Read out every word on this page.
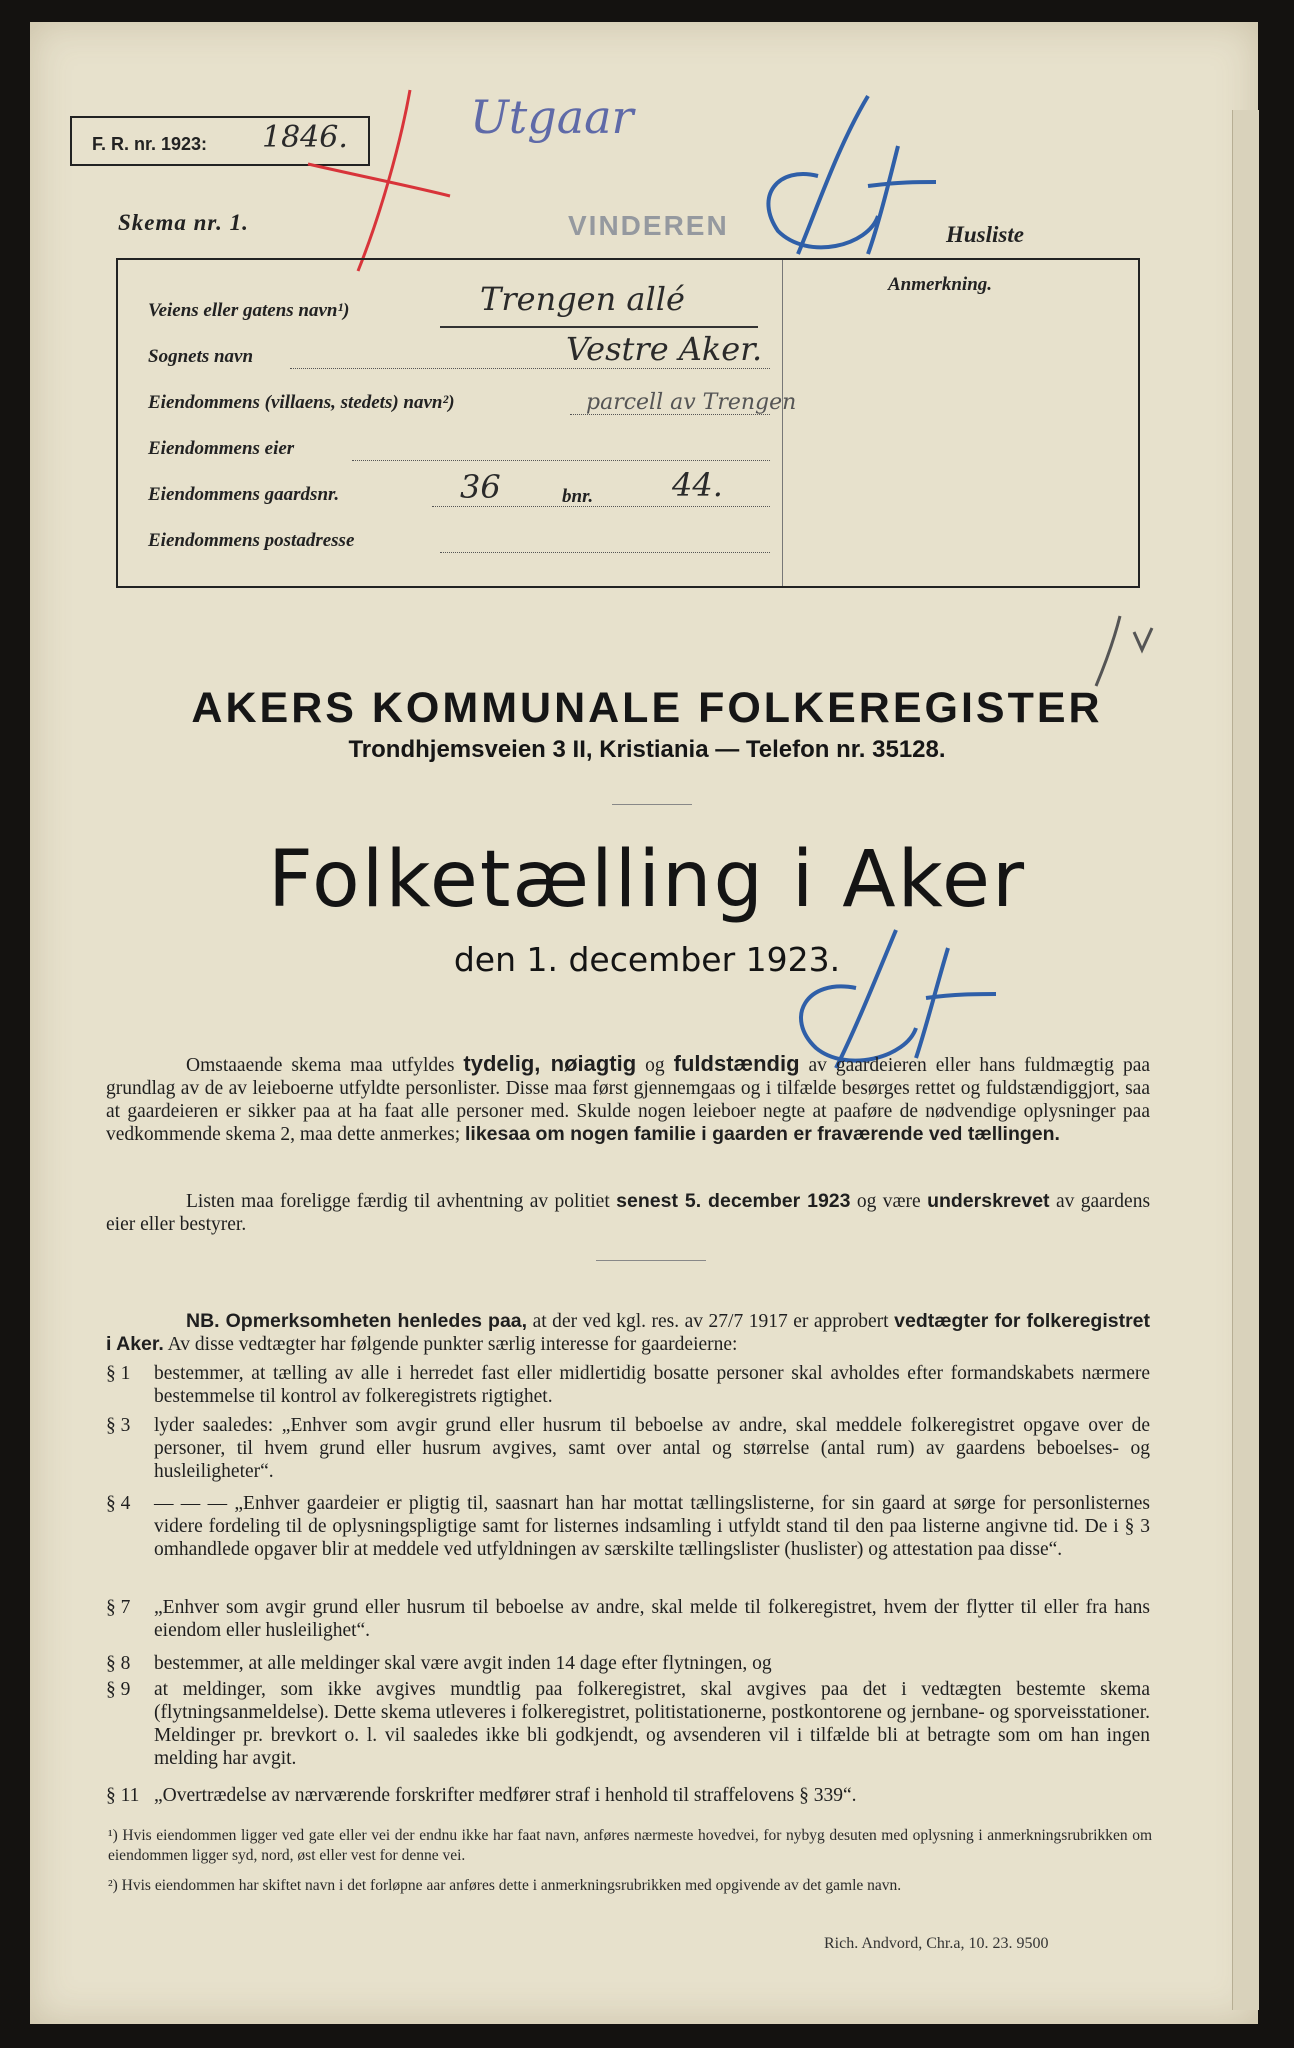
F. R. nr. 1923: 1846.	Utgaar
VINDEREN
Skema nr. 1.	Husliste
Anmerkning.
Veiens eller gatens navn¹)	Trengen allé
Sognets navn	Vestre Aker.
Eiendommens (villaens, stedets) navn²)	parcell av Trengen
Eiendommens eier
Eiendommens gaardsnr.	36	bnr. 44.
Eiendommens postadresse
AKERS KOMMUNALE FOLKEREGISTER
Trondhjemsveien 3 II, Kristiania — Telefon nr. 35128.
Folketælling i Aker
den 1. december 1923.
Omstaaende skema maa utfyldes tydelig, nøiagtig og fuldstændig av gaardeieren eller hans fuldmægtig paa grundlag av de av leieboerne utfyldte personlister. Disse maa først gjennemgaas og i tilfælde besørges rettet og fuldstændiggjort, saa at gaardeieren er sikker paa at ha faat alle personer med. Skulde nogen leieboer negte at paaføre de nødvendige oplysninger paa vedkommende skema 2, maa dette anmerkes; likesaa om nogen familie i gaarden er fraværende ved tællingen.
Listen maa foreligge færdig til avhentning av politiet senest 5. december 1923 og være underskrevet av gaardens eier eller bestyrer.
NB. Opmerksomheten henledes paa, at der ved kgl. res. av 27/7 1917 er approbert vedtægter for folkeregistret i Aker. Av disse vedtægter har følgende punkter særlig interesse for gaardeierne:
§ 1	bestemmer, at tælling av alle i herredet fast eller midlertidig bosatte personer skal avholdes efter formandskabets nærmere bestemmelse til kontrol av folkeregistrets rigtighet.
§ 3	lyder saaledes: „Enhver som avgir grund eller husrum til beboelse av andre, skal meddele folkeregistret opgave over de personer, til hvem grund eller husrum avgives, samt over antal og størrelse (antal rum) av gaardens beboelses- og husleiligheter“.
§ 4	— — — „Enhver gaardeier er pligtig til, saasnart han har mottat tællingslisterne, for sin gaard at sørge for personlisternes videre fordeling til de oplysningspligtige samt for listernes indsamling i utfyldt stand til den paa listerne angivne tid. De i § 3 omhandlede opgaver blir at meddele ved utfyldningen av særskilte tællingslister (huslister) og attestation paa disse“.
§ 7	„Enhver som avgir grund eller husrum til beboelse av andre, skal melde til folkeregistret, hvem der flytter til eller fra hans eiendom eller husleilighet“.
§ 8	bestemmer, at alle meldinger skal være avgit inden 14 dage efter flytningen, og
§ 9	at meldinger, som ikke avgives mundtlig paa folkeregistret, skal avgives paa det i vedtægten bestemte skema (flytningsanmeldelse). Dette skema utleveres i folkeregistret, politistationerne, postkontorene og jernbane- og sporveisstationer. Meldinger pr. brevkort o. l. vil saaledes ikke bli godkjendt, og avsenderen vil i tilfælde bli at betragte som om han ingen melding har avgit.
§ 11 „Overtrædelse av nærværende forskrifter medfører straf i henhold til straffelovens § 339“.
¹) Hvis eiendommen ligger ved gate eller vei der endnu ikke har faat navn, anføres nærmeste hovedvei, for nybyg desuten med oplysning i anmerkningsrubrikken om eiendommen ligger syd, nord, øst eller vest for denne vei.
²) Hvis eiendommen har skiftet navn i det forløpne aar anføres dette i anmerkningsrubrikken med opgivende av det gamle navn.
Rich. Andvord, Chr.a, 10. 23. 9500
